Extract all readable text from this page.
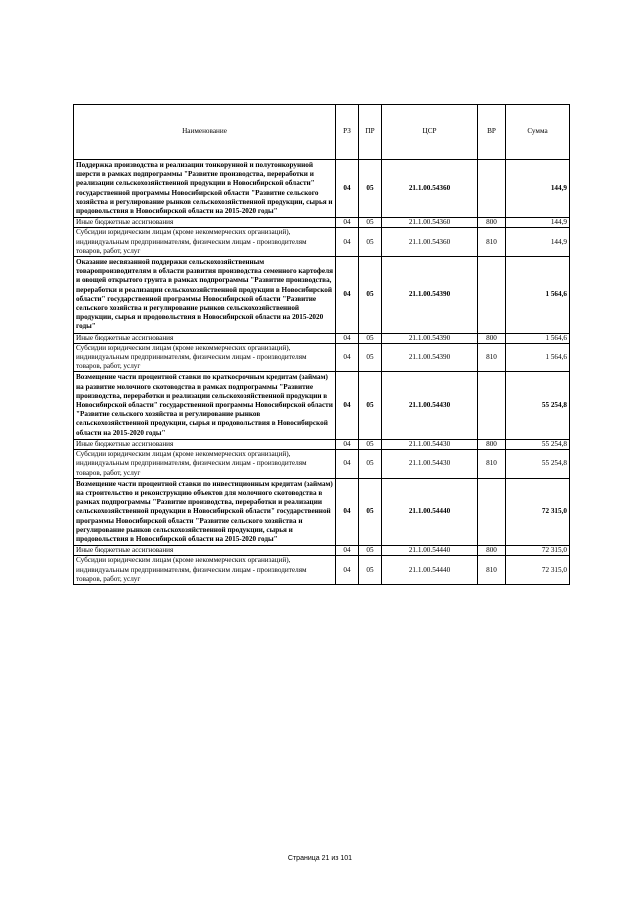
Наименование	РЗ	ПР	ЦСР	ВР	Сумма
Поддержка производства и реализации тонкорунной и полутонкорунной шерсти в рамках подпрограммы "Развитие производства, переработки и реализации сельскохозяйственной продукции в Новосибирской области" государственной программы Новосибирской области "Развитие сельского хозяйства и регулирование рынков сельскохозяйственной продукции, сырья и продовольствия в Новосибирской области на 2015-2020 годы"	04	05	21.1.00.54360		144,9
Иные бюджетные ассигнования	04	05	21.1.00.54360	800	144,9
Субсидии юридическим лицам (кроме некоммерческих организаций), индивидуальным предпринимателям, физическим лицам - производителям товаров, работ, услуг	04	05	21.1.00.54360	810	144,9
Оказание несвязанной поддержки сельскохозяйственным товаропроизводителям в области развития производства семенного картофеля и овощей открытого грунта в рамках подпрограммы "Развитие производства, переработки и реализации сельскохозяйственной продукции в Новосибирской области" государственной программы Новосибирской области "Развитие сельского хозяйства и регулирование рынков сельскохозяйственной продукции, сырья и продовольствия в Новосибирской области на 2015-2020 годы"	04	05	21.1.00.54390		1 564,6
Иные бюджетные ассигнования	04	05	21.1.00.54390	800	1 564,6
Субсидии юридическим лицам (кроме некоммерческих организаций), индивидуальным предпринимателям, физическим лицам - производителям товаров, работ, услуг	04	05	21.1.00.54390	810	1 564,6
Возмещение части процентной ставки по краткосрочным кредитам (займам) на развитие молочного скотоводства в рамках подпрограммы "Развитие производства, переработки и реализации сельскохозяйственной продукции в Новосибирской области" государственной программы Новосибирской области "Развитие сельского хозяйства и регулирование рынков сельскохозяйственной продукции, сырья и продовольствия в Новосибирской области на 2015-2020 годы"	04	05	21.1.00.54430		55 254,8
Иные бюджетные ассигнования	04	05	21.1.00.54430	800	55 254,8
Субсидии юридическим лицам (кроме некоммерческих организаций), индивидуальным предпринимателям, физическим лицам - производителям товаров, работ, услуг	04	05	21.1.00.54430	810	55 254,8
Возмещение части процентной ставки по инвестиционным кредитам (займам) на строительство и реконструкцию объектов для молочного скотоводства в рамках подпрограммы "Развитие производства, переработки и реализации сельскохозяйственной продукции в Новосибирской области" государственной программы Новосибирской области "Развитие сельского хозяйства и регулирование рынков сельскохозяйственной продукции, сырья и продовольствия в Новосибирской области на 2015-2020 годы"	04	05	21.1.00.54440		72 315,0
Иные бюджетные ассигнования	04	05	21.1.00.54440	800	72 315,0
Субсидии юридическим лицам (кроме некоммерческих организаций), индивидуальным предпринимателям, физическим лицам - производителям товаров, работ, услуг	04	05	21.1.00.54440	810	72 315,0
Страница 21 из 101
